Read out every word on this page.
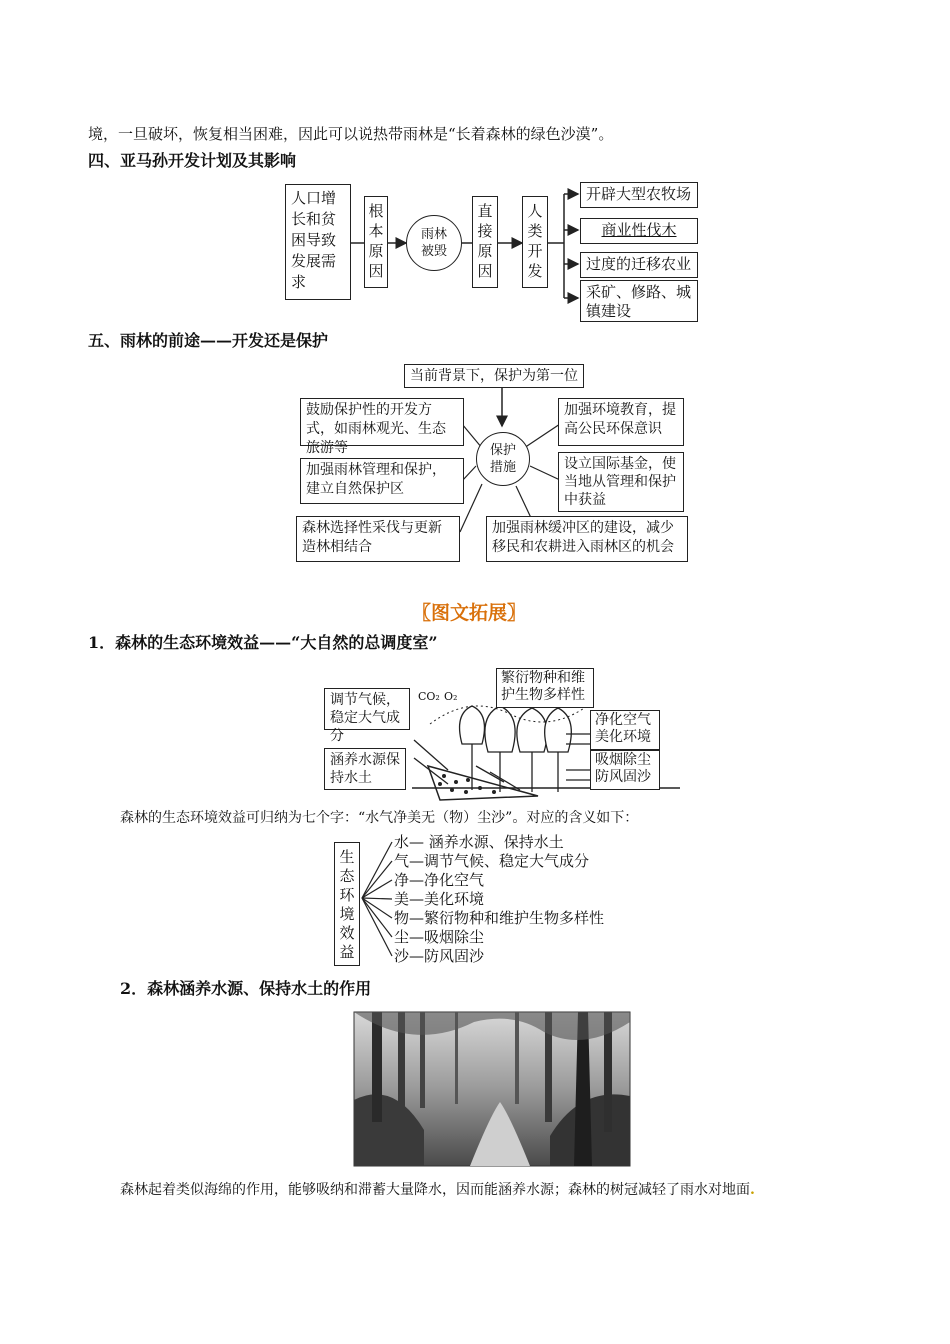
境，一旦破坏，恢复相当困难，因此可以说热带雨林是“长着森林的绿色沙漠”。
四、亚马孙开发计划及其影响
人口增长和贫困导致发展需求
根
本
原
因
雨林被毁
直
接
原
因
人
类
开
发
开辟大型农牧场
商业性伐木
过度的迁移农业
采矿、修路、城镇建设
五、雨林的前途——开发还是保护
当前背景下，保护为第一位
保护措施
鼓励保护性的开发方式，如雨林观光、生态旅游等
加强雨林管理和保护，建立自然保护区
森林选择性采伐与更新造林相结合
加强环境教育，提高公民环保意识
设立国际基金，使当地从管理和保护中获益
加强雨林缓冲区的建设，减少移民和农耕进入雨林区的机会
〖图文拓展〗
1．森林的生态环境效益——“大自然的总调度室”
调节气候，稳定大气成分
涵养水源保持水土
繁衍物种和维护生物多样性
净化空气美化环境
吸烟除尘防风固沙
CO₂ O₂
森林的生态环境效益可归纳为七个字：“水气净美无（物）尘沙”。对应的含义如下：
生
态
环
境
效
益
水— 涵养水源、保持水土
气—调节气候、稳定大气成分
净—净化空气
美—美化环境
物—繁衍物种和维护生物多样性
尘—吸烟除尘
沙—防风固沙
2．森林涵养水源、保持水土的作用
森林起着类似海绵的作用，能够吸纳和滞蓄大量降水，因而能涵养水源；森林的树冠减轻了雨水对地面.
